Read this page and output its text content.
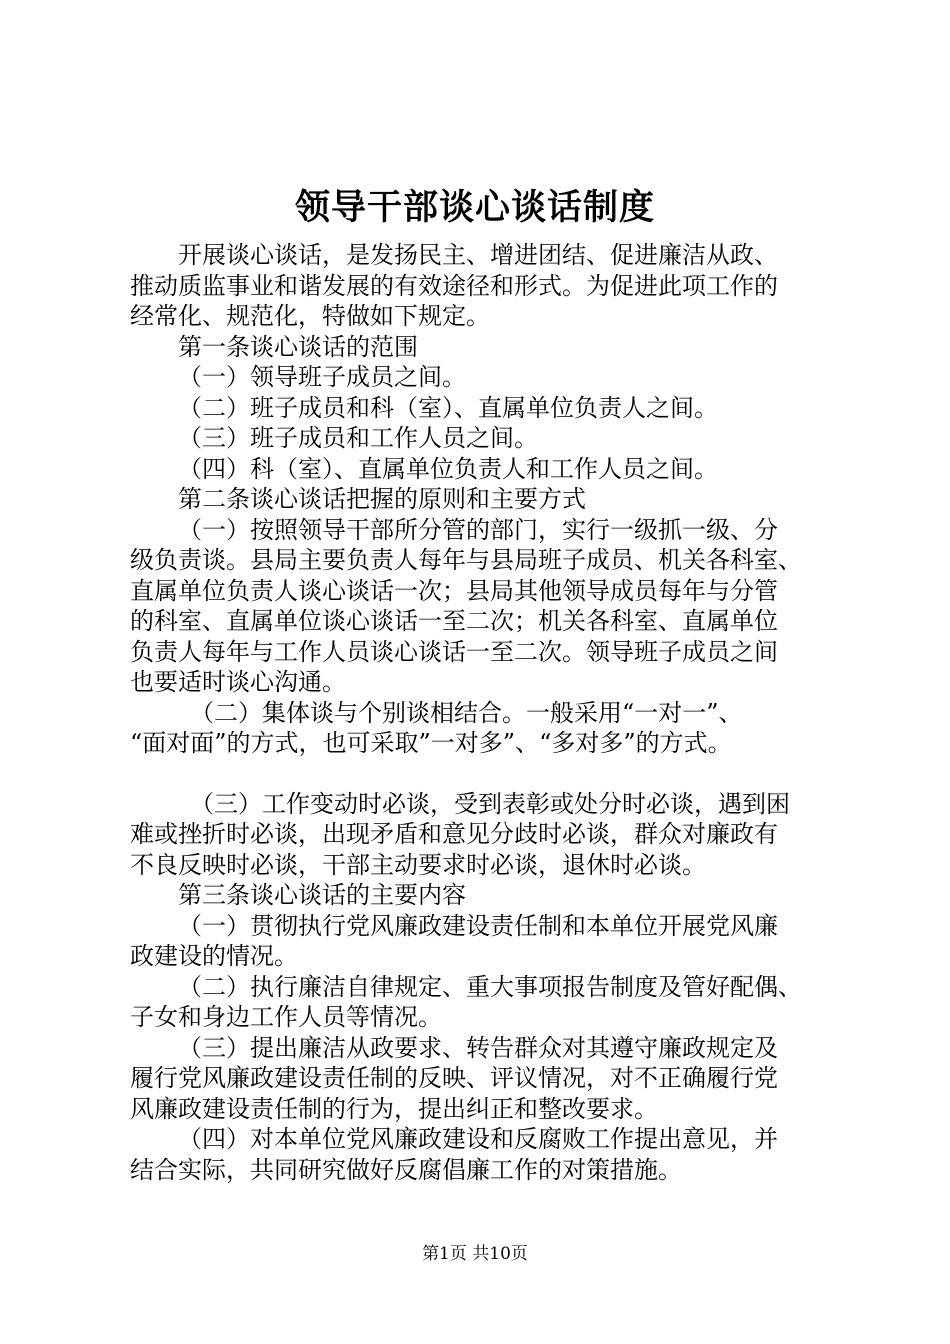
领导干部谈心谈话制度
开展谈心谈话，是发扬民主、增进团结、促进廉洁从政、
推动质监事业和谐发展的有效途径和形式。为促进此项工作的
经常化、规范化，特做如下规定。
第一条谈心谈话的范围
（一）领导班子成员之间。
（二）班子成员和科（室）、直属单位负责人之间。
（三）班子成员和工作人员之间。
（四）科（室）、直属单位负责人和工作人员之间。
第二条谈心谈话把握的原则和主要方式
（一）按照领导干部所分管的部门，实行一级抓一级、分
级负责谈。县局主要负责人每年与县局班子成员、机关各科室、
直属单位负责人谈心谈话一次；县局其他领导成员每年与分管
的科室、直属单位谈心谈话一至二次；机关各科室、直属单位
负责人每年与工作人员谈心谈话一至二次。领导班子成员之间
也要适时谈心沟通。
（二）集体谈与个别谈相结合。一般采用“一对一”、
“面对面”的方式，也可采取”一对多”、“多对多”的方式。
（三）工作变动时必谈，受到表彰或处分时必谈，遇到困
难或挫折时必谈，出现矛盾和意见分歧时必谈，群众对廉政有
不良反映时必谈，干部主动要求时必谈，退休时必谈。
第三条谈心谈话的主要内容
（一）贯彻执行党风廉政建设责任制和本单位开展党风廉
政建设的情况。
（二）执行廉洁自律规定、重大事项报告制度及管好配偶、
子女和身边工作人员等情况。
（三）提出廉洁从政要求、转告群众对其遵守廉政规定及
履行党风廉政建设责任制的反映、评议情况，对不正确履行党
风廉政建设责任制的行为，提出纠正和整改要求。
（四）对本单位党风廉政建设和反腐败工作提出意见，并
结合实际，共同研究做好反腐倡廉工作的对策措施。
第1页 共10页
